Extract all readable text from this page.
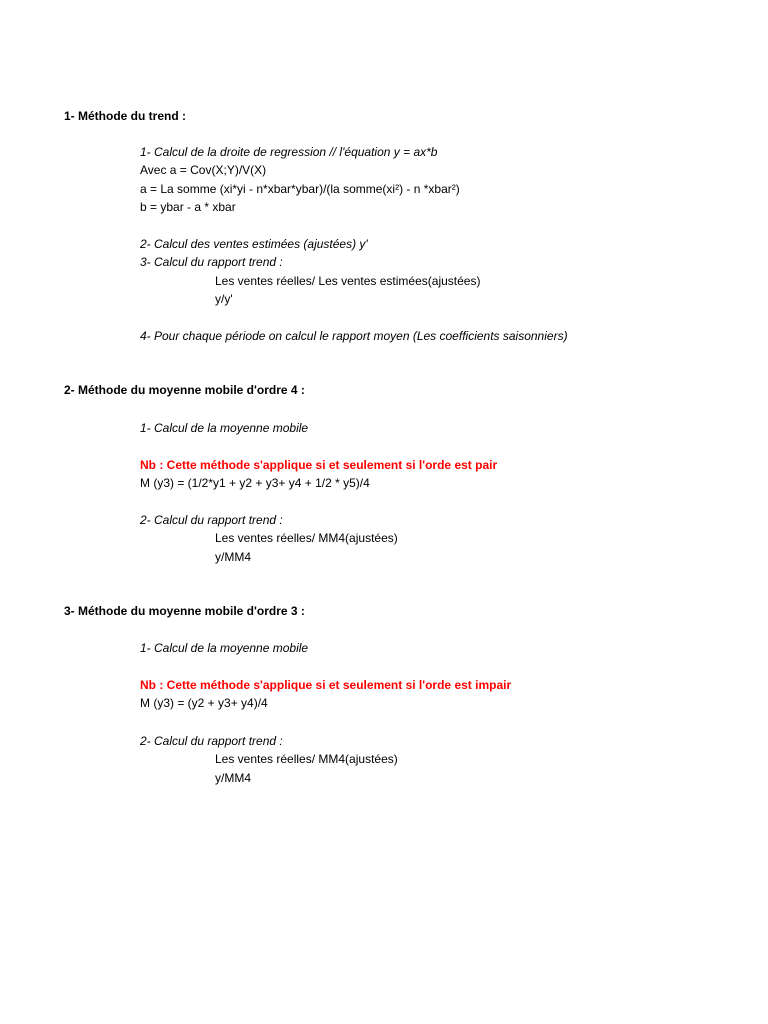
1- Méthode du trend :
1- Calcul de la droite de regression // l'équation y = ax*b
Avec a = Cov(X;Y)/V(X)
a = La somme (xi*yi - n*xbar*ybar)/(la somme(xi²) - n *xbar²)
b = ybar - a * xbar
2- Calcul des ventes estimées (ajustées) y'
3- Calcul du rapport trend :
Les ventes réelles/ Les ventes estimées(ajustées)
y/y'
4- Pour chaque période on calcul le rapport moyen (Les coefficients saisonniers)
2- Méthode du moyenne mobile d'ordre 4 :
1- Calcul de la moyenne mobile
Nb : Cette méthode s'applique si et seulement si l'orde est pair
M (y3) = (1/2*y1 + y2 + y3+ y4 + 1/2 * y5)/4
2- Calcul du rapport trend :
Les ventes réelles/ MM4(ajustées)
y/MM4
3- Méthode du moyenne mobile d'ordre 3 :
1- Calcul de la moyenne mobile
Nb : Cette méthode s'applique si et seulement si l'orde est impair
M (y3) = (y2 + y3+ y4)/4
2- Calcul du rapport trend :
Les ventes réelles/ MM4(ajustées)
y/MM4
